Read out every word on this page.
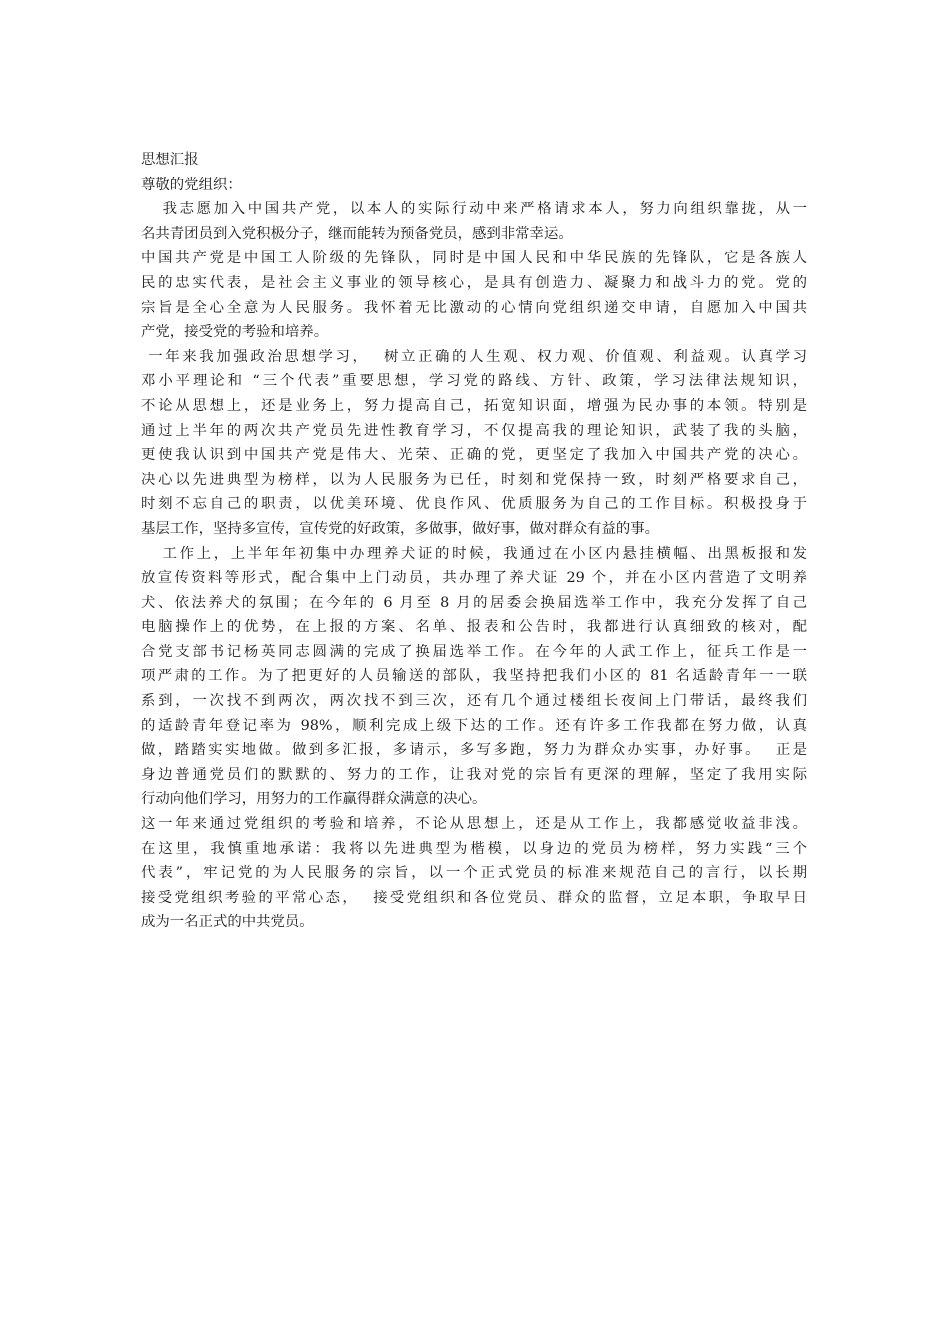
思想汇报
尊敬的党组织：
我志愿加入中国共产党，以本人的实际行动中来严格请求本人，努力向组织靠拢，从一
名共青团员到入党积极分子，继而能转为预备党员，感到非常幸运。
中国共产党是中国工人阶级的先锋队，同时是中国人民和中华民族的先锋队，它是各族人
民的忠实代表，是社会主义事业的领导核心，是具有创造力、凝聚力和战斗力的党。党的
宗旨是全心全意为人民服务。我怀着无比激动的心情向党组织递交申请，自愿加入中国共
产党，接受党的考验和培养。
一年来我加强政治思想学习，  树立正确的人生观、权力观、价值观、利益观。认真学习
邓小平理论和 “三个代表”重要思想，学习党的路线、方针、政策，学习法律法规知识，
不论从思想上，还是业务上，努力提高自己，拓宽知识面，增强为民办事的本领。特别是
通过上半年的两次共产党员先进性教育学习，不仅提高我的理论知识，武装了我的头脑，
更使我认识到中国共产党是伟大、光荣、正确的党，更坚定了我加入中国共产党的决心。
决心以先进典型为榜样，以为人民服务为已任，时刻和党保持一致，时刻严格要求自己，
时刻不忘自己的职责，以优美环境、优良作风、优质服务为自己的工作目标。积极投身于
基层工作，坚持多宣传，宣传党的好政策，多做事，做好事，做对群众有益的事。
工作上，上半年年初集中办理养犬证的时候，我通过在小区内悬挂横幅、出黑板报和发
放宣传资料等形式，配合集中上门动员，共办理了养犬证 29 个，并在小区内营造了文明养
犬、依法养犬的氛围；在今年的 6 月至 8 月的居委会换届选举工作中，我充分发挥了自己
电脑操作上的优势，在上报的方案、名单、报表和公告时，我都进行认真细致的核对，配
合党支部书记杨英同志圆满的完成了换届选举工作。在今年的人武工作上，征兵工作是一
项严肃的工作。为了把更好的人员输送的部队，我坚持把我们小区的 81 名适龄青年一一联
系到，一次找不到两次，两次找不到三次，还有几个通过楼组长夜间上门带话，最终我们
的适龄青年登记率为 98%，顺利完成上级下达的工作。还有许多工作我都在努力做，认真
做，踏踏实实地做。做到多汇报，多请示，多写多跑，努力为群众办实事，办好事。  正是
身边普通党员们的默默的、努力的工作，让我对党的宗旨有更深的理解，坚定了我用实际
行动向他们学习，用努力的工作赢得群众满意的决心。
这一年来通过党组织的考验和培养，不论从思想上，还是从工作上，我都感觉收益非浅。
在这里，我慎重地承诺：我将以先进典型为楷模，以身边的党员为榜样，努力实践“三个
代表”，牢记党的为人民服务的宗旨，以一个正式党员的标准来规范自己的言行，以长期
接受党组织考验的平常心态，  接受党组织和各位党员、群众的监督，立足本职，争取早日
成为一名正式的中共党员。
